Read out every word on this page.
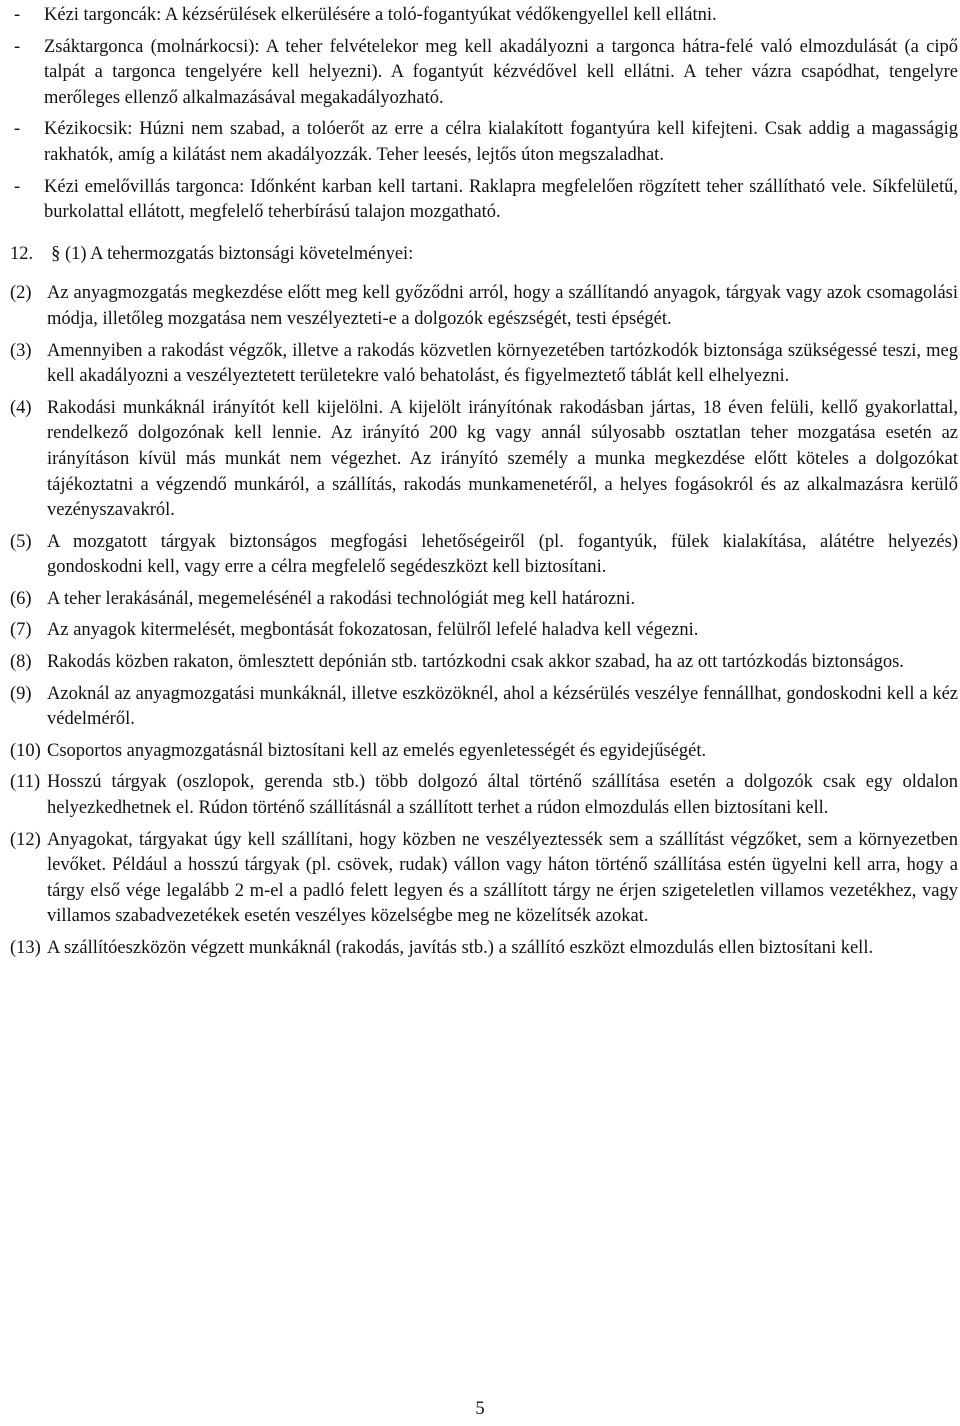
- Kézi targoncák: A kézsérülések elkerülésére a toló-fogantyúkat védőkengyellel kell ellátni.
- Zsáktargonca (molnárkocsi): A teher felvételekor meg kell akadályozni a targonca hátra-felé való elmozdulását (a cipő talpát a targonca tengelyére kell helyezni). A fogantyút kézvédővel kell ellátni. A teher vázra csapódhat, tengelyre merőleges ellenző alkalmazásával megakadályozható.
- Kézikocsik: Húzni nem szabad, a tolóerőt az erre a célra kialakított fogantyúra kell kifejteni. Csak addig a magasságig rakhatók, amíg a kilátást nem akadályozzák. Teher leesés, lejtős úton megszaladhat.
- Kézi emelővillás targonca: Időnként karban kell tartani. Raklapra megfelelően rögzített teher szállítható vele. Síkfelületű, burkolattal ellátott, megfelelő teherbírású talajon mozgatható.
12. § (1) A tehermozgatás biztonsági követelményei:
(2) Az anyagmozgatás megkezdése előtt meg kell győződni arról, hogy a szállítandó anyagok, tárgyak vagy azok csomagolási módja, illetőleg mozgatása nem veszélyezteti-e a dolgozók egészségét, testi épségét.
(3) Amennyiben a rakodást végzők, illetve a rakodás közvetlen környezetében tartózkodók biztonsága szükségessé teszi, meg kell akadályozni a veszélyeztetett területekre való behatolást, és figyelmeztető táblát kell elhelyezni.
(4) Rakodási munkáknál irányítót kell kijelölni. A kijelölt irányítónak rakodásban jártas, 18 éven felüli, kellő gyakorlattal, rendelkező dolgozónak kell lennie. Az irányító 200 kg vagy annál súlyosabb osztatlan teher mozgatása esetén az irányításon kívül más munkát nem végezhet. Az irányító személy a munka megkezdése előtt köteles a dolgozókat tájékoztatni a végzendő munkáról, a szállítás, rakodás munkamenetéről, a helyes fogásokról és az alkalmazásra kerülő vezényszavakról.
(5) A mozgatott tárgyak biztonságos megfogási lehetőségeiről (pl. fogantyúk, fülek kialakítása, alátétre helyezés) gondoskodni kell, vagy erre a célra megfelelő segédeszközt kell biztosítani.
(6) A teher lerakásánál, megemelésénél a rakodási technológiát meg kell határozni.
(7) Az anyagok kitermelését, megbontását fokozatosan, felülről lefelé haladva kell végezni.
(8) Rakodás közben rakaton, ömlesztett depónián stb. tartózkodni csak akkor szabad, ha az ott tartózkodás biztonságos.
(9) Azoknál az anyagmozgatási munkáknál, illetve eszközöknél, ahol a kézsérülés veszélye fennállhat, gondoskodni kell a kéz védelméről.
(10) Csoportos anyagmozgatásnál biztosítani kell az emelés egyenletességét és egyidejűségét.
(11) Hosszú tárgyak (oszlopok, gerenda stb.) több dolgozó által történő szállítása esetén a dolgozók csak egy oldalon helyezkedhetnek el. Rúdon történő szállításnál a szállított terhet a rúdon elmozdulás ellen biztosítani kell.
(12) Anyagokat, tárgyakat úgy kell szállítani, hogy közben ne veszélyeztessék sem a szállítást végzőket, sem a környezetben levőket. Például a hosszú tárgyak (pl. csövek, rudak) vállon vagy háton történő szállítása estén ügyelni kell arra, hogy a tárgy első vége legalább 2 m-el a padló felett legyen és a szállított tárgy ne érjen szigeteletlen villamos vezetékhez, vagy villamos szabadvezetékek esetén veszélyes közelségbe meg ne közelítsék azokat.
(13) A szállítóeszközön végzett munkáknál (rakodás, javítás stb.) a szállító eszközt elmozdulás ellen biztosítani kell.
5
